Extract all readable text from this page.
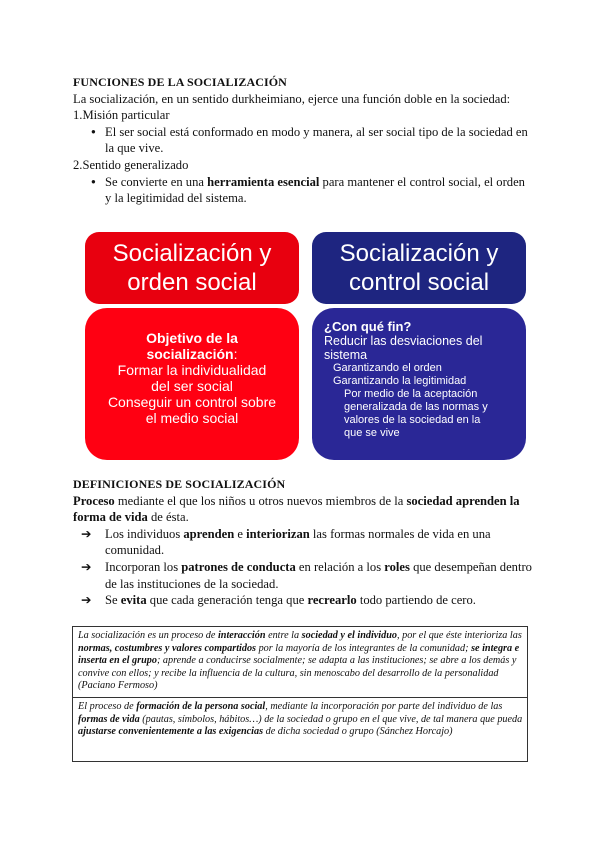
FUNCIONES DE LA SOCIALIZACIÓN

La socialización, en un sentido durkheimiano, ejerce una función doble en la sociedad:

1.Misión particular

● El ser social está conformado en modo y manera, al ser social tipo de la sociedad en la que vive.

2.Sentido generalizado

● Se convierte en una herramienta esencial para mantener el control social, el orden y la legitimidad del sistema.
Socialización y
orden social
Socialización y
control social
Objetivo de la
socialización:
Formar la individualidad
del ser social
Conseguir un control sobre
el medio social
¿Con qué fin?
Reducir las desviaciones del
sistema
Garantizando el orden
Garantizando la legitimidad
Por medio de la aceptación
generalizada de las normas y
valores de la sociedad en la
que se vive

DEFINICIONES DE SOCIALIZACIÓN

Proceso mediante el que los niños u otros nuevos miembros de la sociedad aprenden la forma de vida de ésta.

➔ Los individuos aprenden e interiorizan las formas normales de vida en una comunidad.
➔ Incorporan los patrones de conducta en relación a los roles que desempeñan dentro de las instituciones de la sociedad.
➔ Se evita que cada generación tenga que recrearlo todo partiendo de cero.
La socialización es un proceso de interacción entre la sociedad y el individuo, por el que éste interioriza las normas, costumbres y valores compartidos por la mayoría de los integrantes de la comunidad; se integra e inserta en el grupo; aprende a conducirse socialmente; se adapta a las instituciones; se abre a los demás y convive con ellos; y recibe la influencia de la cultura, sin menoscabo del desarrollo de la personalidad (Paciano Fermoso)
El proceso de formación de la persona social, mediante la incorporación por parte del individuo de las formas de vida (pautas, símbolos, hábitos…) de la sociedad o grupo en el que vive, de tal manera que pueda ajustarse convenientemente a las exigencias de dicha sociedad o grupo (Sánchez Horcajo)
